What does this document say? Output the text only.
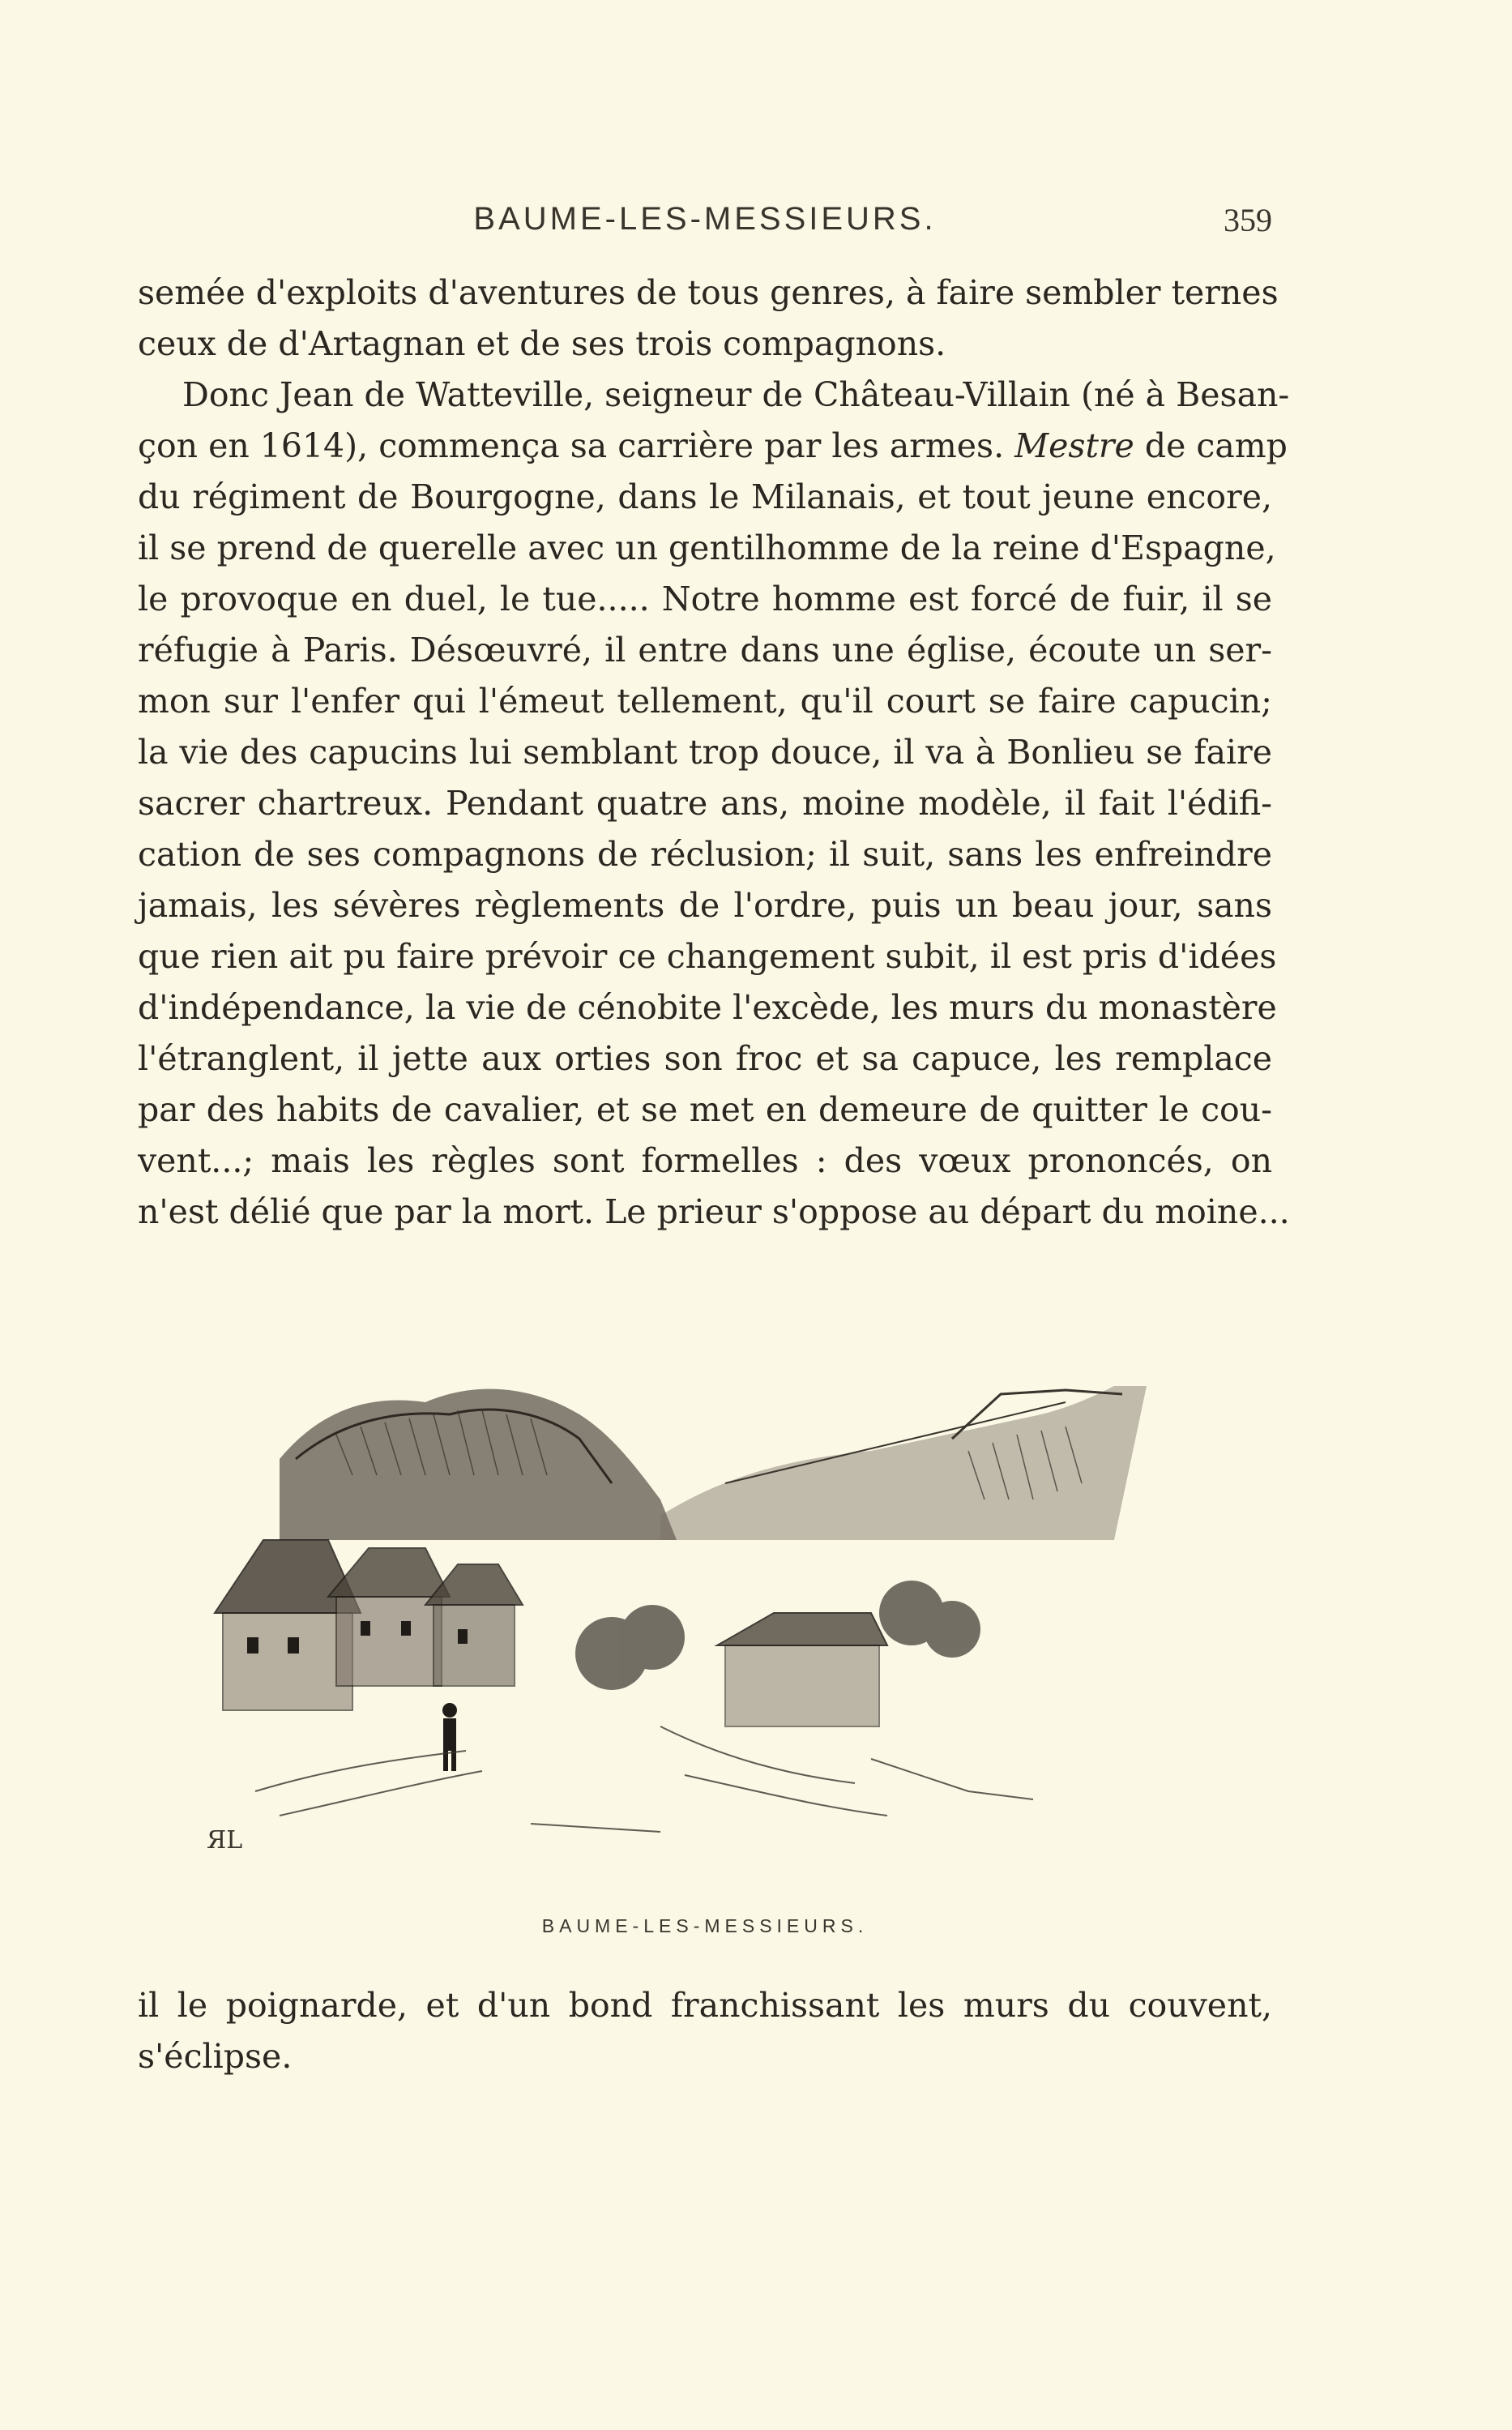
BAUME-LES-MESSIEURS.	359
semée d'exploits d'aventures de tous genres, à faire sembler ternes
ceux de d'Artagnan et de ses trois compagnons.
Donc Jean de Watteville, seigneur de Château-Villain (né à Besan-
çon en 1614), commença sa carrière par les armes. Mestre de camp
du régiment de Bourgogne, dans le Milanais, et tout jeune encore,
il se prend de querelle avec un gentilhomme de la reine d'Espagne,
le provoque en duel, le tue..... Notre homme est forcé de fuir, il se
réfugie à Paris. Désœuvré, il entre dans une église, écoute un ser-
mon sur l'enfer qui l'émeut tellement, qu'il court se faire capucin;
la vie des capucins lui semblant trop douce, il va à Bonlieu se faire
sacrer chartreux. Pendant quatre ans, moine modèle, il fait l'édifi-
cation de ses compagnons de réclusion; il suit, sans les enfreindre
jamais, les sévères règlements de l'ordre, puis un beau jour, sans
que rien ait pu faire prévoir ce changement subit, il est pris d'idées
d'indépendance, la vie de cénobite l'excède, les murs du monastère
l'étranglent, il jette aux orties son froc et sa capuce, les remplace
par des habits de cavalier, et se met en demeure de quitter le cou-
vent...; mais les règles sont formelles : des vœux prononcés, on
n'est délié que par la mort. Le prieur s'oppose au départ du moine...
ЯL
BAUME-LES-MESSIEURS.
il le poignarde, et d'un bond franchissant les murs du couvent,
s'éclipse.
